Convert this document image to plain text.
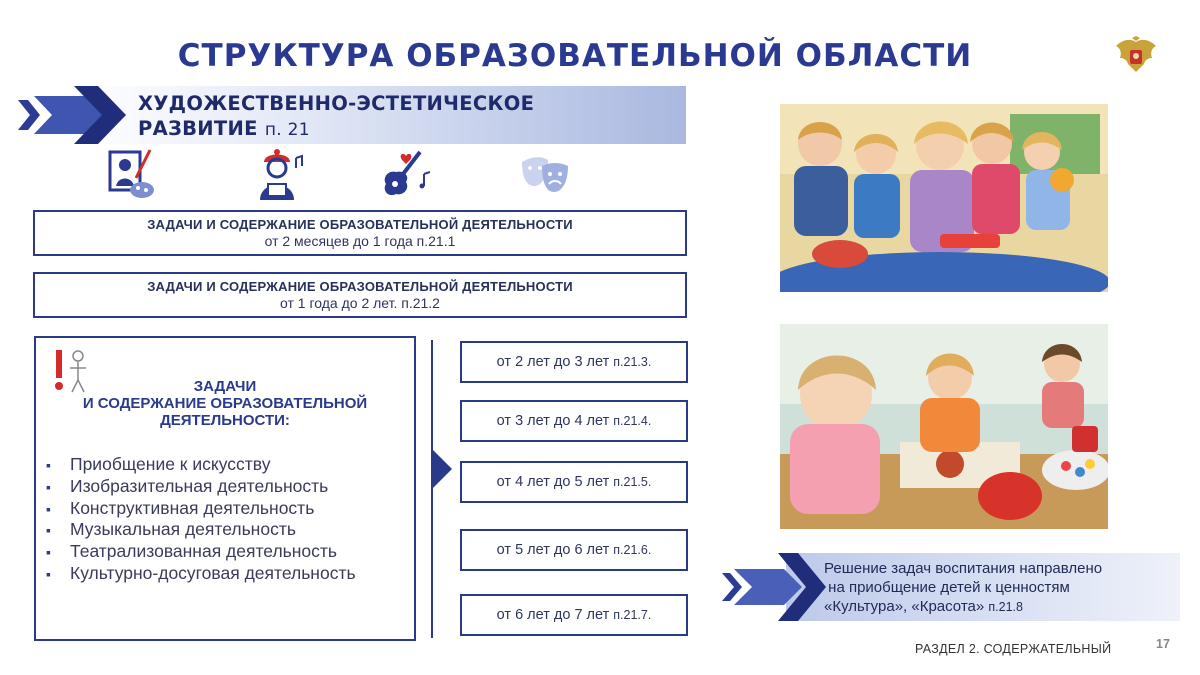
СТРУКТУРА ОБРАЗОВАТЕЛЬНОЙ ОБЛАСТИ
ХУДОЖЕСТВЕННО-ЭСТЕТИЧЕСКОЕ
РАЗВИТИЕ п. 21
ЗАДАЧИ И СОДЕРЖАНИЕ ОБРАЗОВАТЕЛЬНОЙ ДЕЯТЕЛЬНОСТИ
от 2 месяцев до 1 года п.21.1
ЗАДАЧИ И СОДЕРЖАНИЕ ОБРАЗОВАТЕЛЬНОЙ ДЕЯТЕЛЬНОСТИ
от 1 года до 2 лет. п.21.2
ЗАДАЧИ
И СОДЕРЖАНИЕ ОБРАЗОВАТЕЛЬНОЙ
ДЕЯТЕЛЬНОСТИ:
▪ Приобщение к искусству
▪ Изобразительная деятельность
▪ Конструктивная деятельность
▪ Музыкальная деятельность
▪ Театрализованная деятельность
▪ Культурно-досуговая деятельность
от 2 лет до 3 лет п.21.3.
от 3 лет до 4 лет п.21.4.
от 4 лет до 5 лет п.21.5.
от 5 лет до 6 лет п.21.6.
от 6 лет до 7 лет п.21.7.
Решение задач воспитания направлено
на приобщение детей к ценностям
«Культура», «Красота» п.21.8
РАЗДЕЛ 2. СОДЕРЖАТЕЛЬНЫЙ	17
